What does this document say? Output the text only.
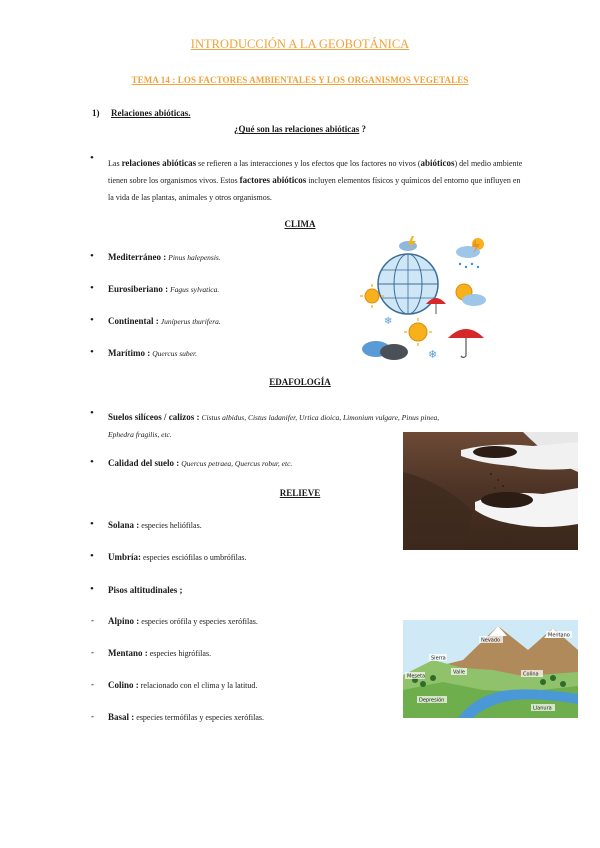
INTRODUCCIÓN A LA GEOBOTÁNICA
TEMA 14 : LOS FACTORES AMBIENTALES Y LOS ORGANISMOS VEGETALES
1) Relaciones abióticas.
¿Qué son las relaciones abióticas ?
• Las relaciones abióticas se refieren a las interacciones y los efectos que los factores no vivos (abióticos) del medio ambiente tienen sobre los organismos vivos. Estos factores abióticos incluyen elementos físicos y químicos del entorno que influyen en la vida de las plantas, animales y otros organismos.
CLIMA
• Mediterráneo : Pinus halepensis.
• Eurosiberiano : Fagus sylvatica.
• Continental : Juníperus thurifera.
• Marítimo : Quercus suber.
❄
❄
EDAFOLOGÍA
• Suelos silíceos / calizos : Cistus albidus, Cistus ladanifer, Urtica dioica, Limonium vulgare, Pinus pinea,
Ephedra fragilis, etc.
• Calidad del suelo : Quercus petraea, Quercus robur, etc.
RELIEVE
• Solana : especies heliófilas.
• Umbría: especies esciófilas o umbrófilas.
• Pisos altitudinales ;
- Alpino : especies orófila y especies xerófilas.
- Mentano : especies higrófilas.
- Colino : relacionado con el clima y la latitud.
- Basal : especies termófilas y especies xerófilas.
Nevado
Mentano
Sierra
Valle
Meseta
Depresión
Colina
Llanura
